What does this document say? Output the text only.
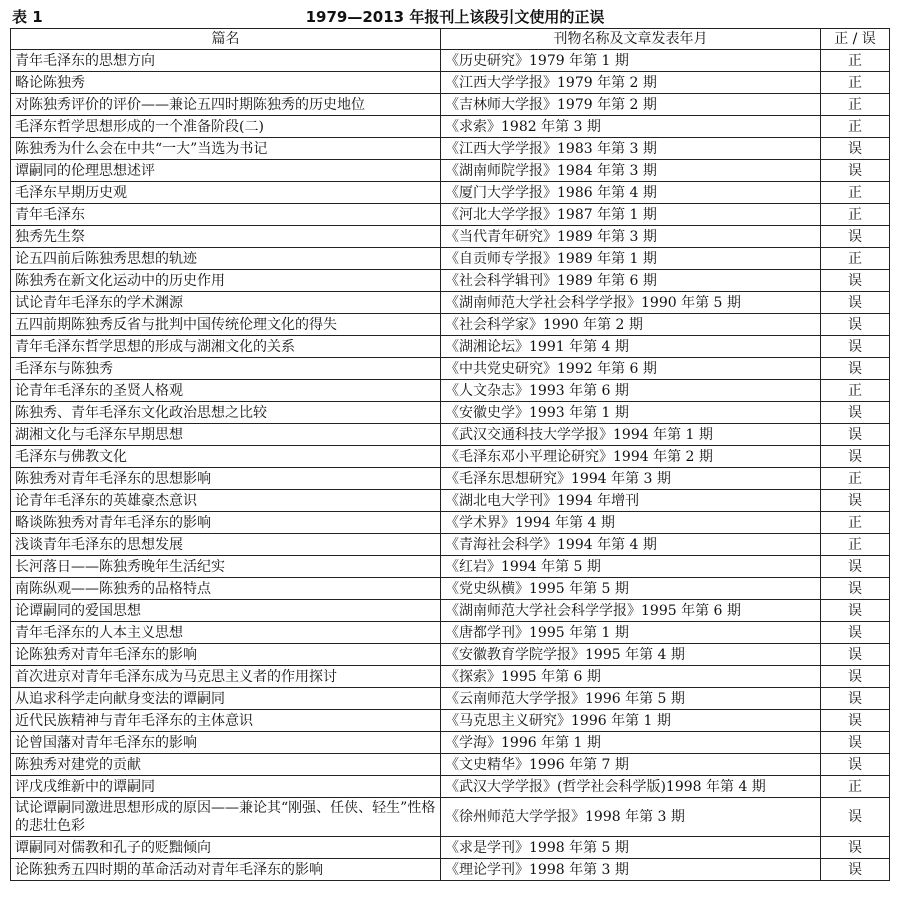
表 1	1979—2013 年报刊上该段引文使用的正误
篇名	刊物名称及文章发表年月	正 / 误
青年毛泽东的思想方向	《历史研究》1979 年第 1 期	正
略论陈独秀	《江西大学学报》1979 年第 2 期	正
对陈独秀评价的评价——兼论五四时期陈独秀的历史地位	《吉林师大学报》1979 年第 2 期	正
毛泽东哲学思想形成的一个准备阶段(二)	《求索》1982 年第 3 期	正
陈独秀为什么会在中共“一大”当选为书记	《江西大学学报》1983 年第 3 期	误
谭嗣同的伦理思想述评	《湖南师院学报》1984 年第 3 期	误
毛泽东早期历史观	《厦门大学学报》1986 年第 4 期	正
青年毛泽东	《河北大学学报》1987 年第 1 期	正
独秀先生祭	《当代青年研究》1989 年第 3 期	误
论五四前后陈独秀思想的轨迹	《自贡师专学报》1989 年第 1 期	正
陈独秀在新文化运动中的历史作用	《社会科学辑刊》1989 年第 6 期	误
试论青年毛泽东的学术渊源	《湖南师范大学社会科学学报》1990 年第 5 期	误
五四前期陈独秀反省与批判中国传统伦理文化的得失	《社会科学家》1990 年第 2 期	误
青年毛泽东哲学思想的形成与湖湘文化的关系	《湖湘论坛》1991 年第 4 期	误
毛泽东与陈独秀	《中共党史研究》1992 年第 6 期	误
论青年毛泽东的圣贤人格观	《人文杂志》1993 年第 6 期	正
陈独秀、青年毛泽东文化政治思想之比较	《安徽史学》1993 年第 1 期	误
湖湘文化与毛泽东早期思想	《武汉交通科技大学学报》1994 年第 1 期	误
毛泽东与佛教文化	《毛泽东邓小平理论研究》1994 年第 2 期	误
陈独秀对青年毛泽东的思想影响	《毛泽东思想研究》1994 年第 3 期	正
论青年毛泽东的英雄豪杰意识	《湖北电大学刊》1994 年增刊	误
略谈陈独秀对青年毛泽东的影响	《学术界》1994 年第 4 期	正
浅谈青年毛泽东的思想发展	《青海社会科学》1994 年第 4 期	正
长河落日——陈独秀晚年生活纪实	《红岩》1994 年第 5 期	误
南陈纵观——陈独秀的品格特点	《党史纵横》1995 年第 5 期	误
论谭嗣同的爱国思想	《湖南师范大学社会科学学报》1995 年第 6 期	误
青年毛泽东的人本主义思想	《唐都学刊》1995 年第 1 期	误
论陈独秀对青年毛泽东的影响	《安徽教育学院学报》1995 年第 4 期	误
首次进京对青年毛泽东成为马克思主义者的作用探讨	《探索》1995 年第 6 期	误
从追求科学走向献身变法的谭嗣同	《云南师范大学学报》1996 年第 5 期	误
近代民族精神与青年毛泽东的主体意识	《马克思主义研究》1996 年第 1 期	误
论曾国藩对青年毛泽东的影响	《学海》1996 年第 1 期	误
陈独秀对建党的贡献	《文史精华》1996 年第 7 期	误
评戊戌维新中的谭嗣同	《武汉大学学报》(哲学社会科学版)1998 年第 4 期	正
试论谭嗣同激进思想形成的原因——兼论其“刚强、任侠、轻生”性格的悲壮色彩	《徐州师范大学学报》1998 年第 3 期	误
谭嗣同对儒教和孔子的贬黜倾向	《求是学刊》1998 年第 5 期	误
论陈独秀五四时期的革命活动对青年毛泽东的影响	《理论学刊》1998 年第 3 期	误
